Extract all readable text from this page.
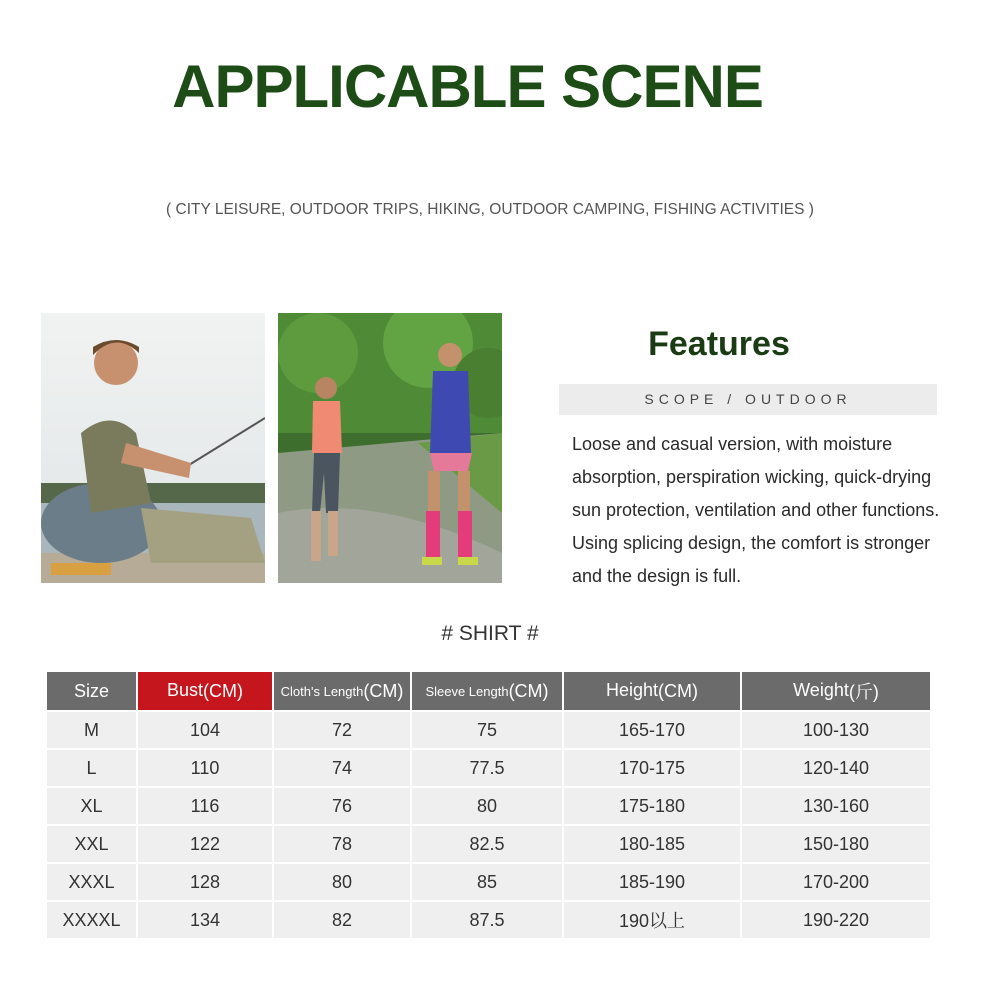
APPLICABLE SCENE
( CITY LEISURE, OUTDOOR TRIPS, HIKING, OUTDOOR CAMPING, FISHING ACTIVITIES )
Features
SCOPE / OUTDOOR

Loose and casual version, with moisture absorption, perspiration wicking, quick-drying sun protection, ventilation and other functions.

Using splicing design, the comfort is stronger and the design is full.

# SHIRT #
Size	Bust(CM)	Cloth's Length(CM)	Sleeve Length(CM)	Height(CM)	Weight(斤)
M	104	72	75	165-170	100-130
L	110	74	77.5	170-175	120-140
XL	116	76	80	175-180	130-160
XXL	122	78	82.5	180-185	150-180
XXXL	128	80	85	185-190	170-200
XXXXL	134	82	87.5	190以上	190-220
